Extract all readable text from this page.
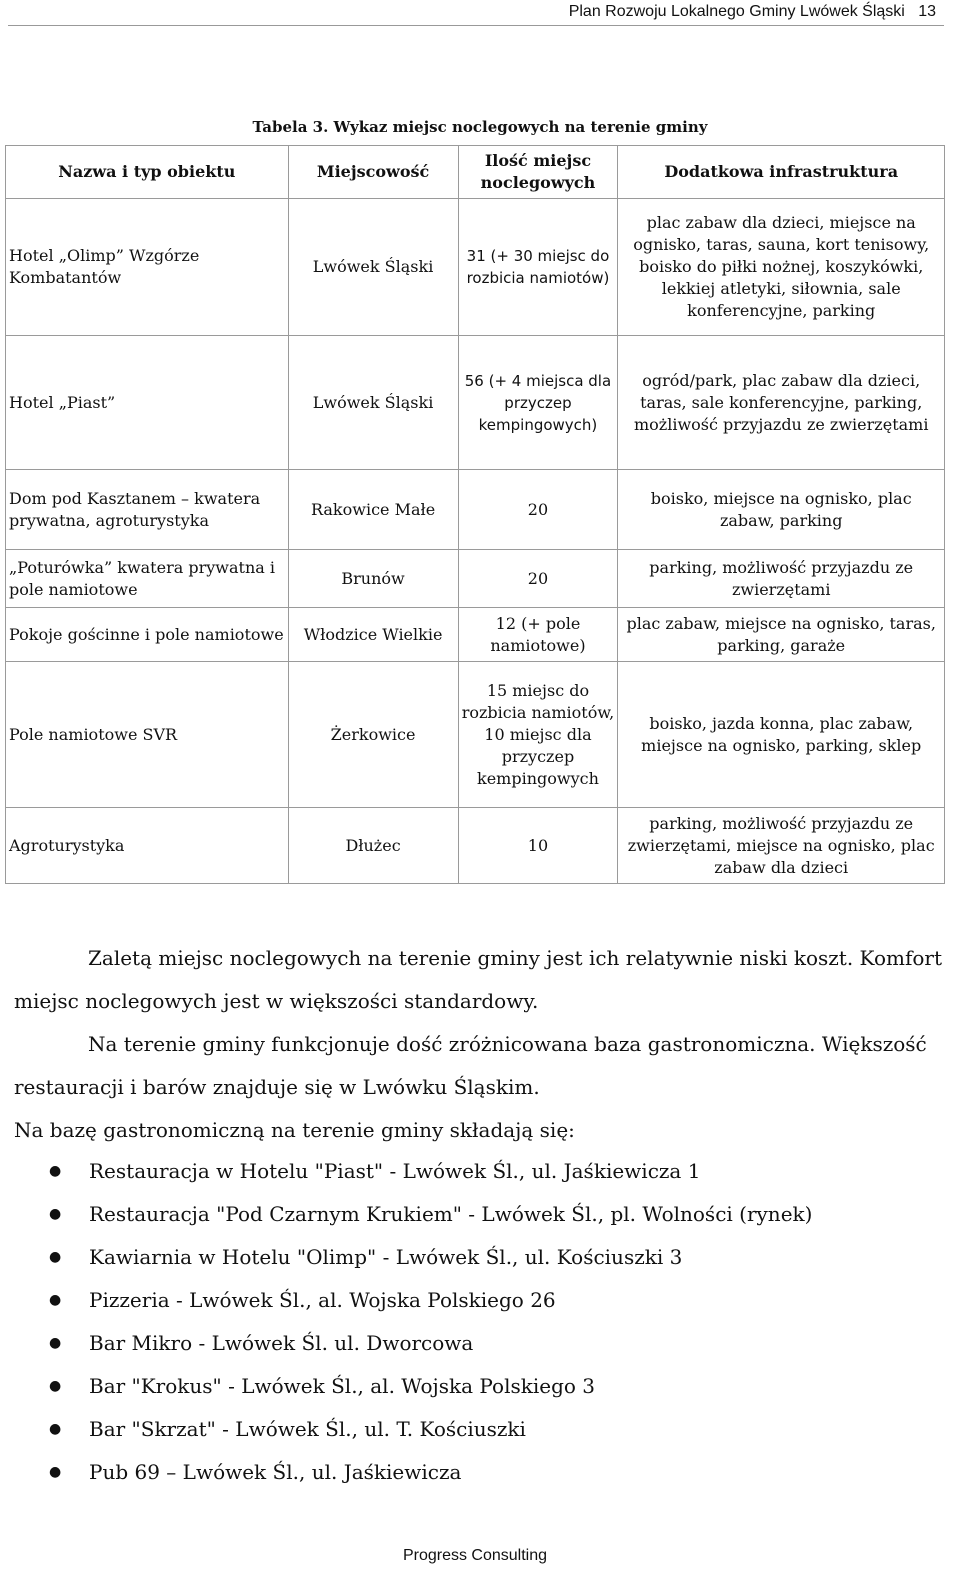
Plan Rozwoju Lokalnego Gminy Lwówek Śląski 13
Tabela 3. Wykaz miejsc noclegowych na terenie gminy
Nazwa i typ obiektu	Miejscowość	Ilość miejsc noclegowych	Dodatkowa infrastruktura
Hotel „Olimp” Wzgórze Kombatantów	Lwówek Śląski	31 (+ 30 miejsc do rozbicia namiotów)	plac zabaw dla dzieci, miejsce na ognisko, taras, sauna, kort tenisowy, boisko do piłki nożnej, koszykówki, lekkiej atletyki, siłownia, sale konferencyjne, parking
Hotel „Piast”	Lwówek Śląski	56 (+ 4 miejsca dla przyczep kempingowych)	ogród/park, plac zabaw dla dzieci, taras, sale konferencyjne, parking, możliwość przyjazdu ze zwierzętami
Dom pod Kasztanem – kwatera prywatna, agroturystyka	Rakowice Małe	20	boisko, miejsce na ognisko, plac zabaw, parking
„Poturówka” kwatera prywatna i pole namiotowe	Brunów	20	parking, możliwość przyjazdu ze zwierzętami
Pokoje gościnne i pole namiotowe	Włodzice Wielkie	12 (+ pole namiotowe)	plac zabaw, miejsce na ognisko, taras, parking, garaże
Pole namiotowe SVR	Żerkowice	15 miejsc do rozbicia namiotów, 10 miejsc dla przyczep kempingowych	boisko, jazda konna, plac zabaw, miejsce na ognisko, parking, sklep
Agroturystyka	Dłużec	10	parking, możliwość przyjazdu ze zwierzętami, miejsce na ognisko, plac zabaw dla dzieci

Zaletą miejsc noclegowych na terenie gminy jest ich relatywnie niski koszt. Komfort miejsc noclegowych jest w większości standardowy.

Na terenie gminy funkcjonuje dość zróżnicowana baza gastronomiczna. Większość restauracji i barów znajduje się w Lwówku Śląskim.

Na bazę gastronomiczną na terenie gminy składają się:

● Restauracja w Hotelu "Piast" - Lwówek Śl., ul. Jaśkiewicza 1
● Restauracja "Pod Czarnym Krukiem" - Lwówek Śl., pl. Wolności (rynek)
● Kawiarnia w Hotelu "Olimp" - Lwówek Śl., ul. Kościuszki 3
● Pizzeria - Lwówek Śl., al. Wojska Polskiego 26
● Bar Mikro - Lwówek Śl. ul. Dworcowa
● Bar "Krokus" - Lwówek Śl., al. Wojska Polskiego 3
● Bar "Skrzat" - Lwówek Śl., ul. T. Kościuszki
● Pub 69 – Lwówek Śl., ul. Jaśkiewicza
Progress Consulting
